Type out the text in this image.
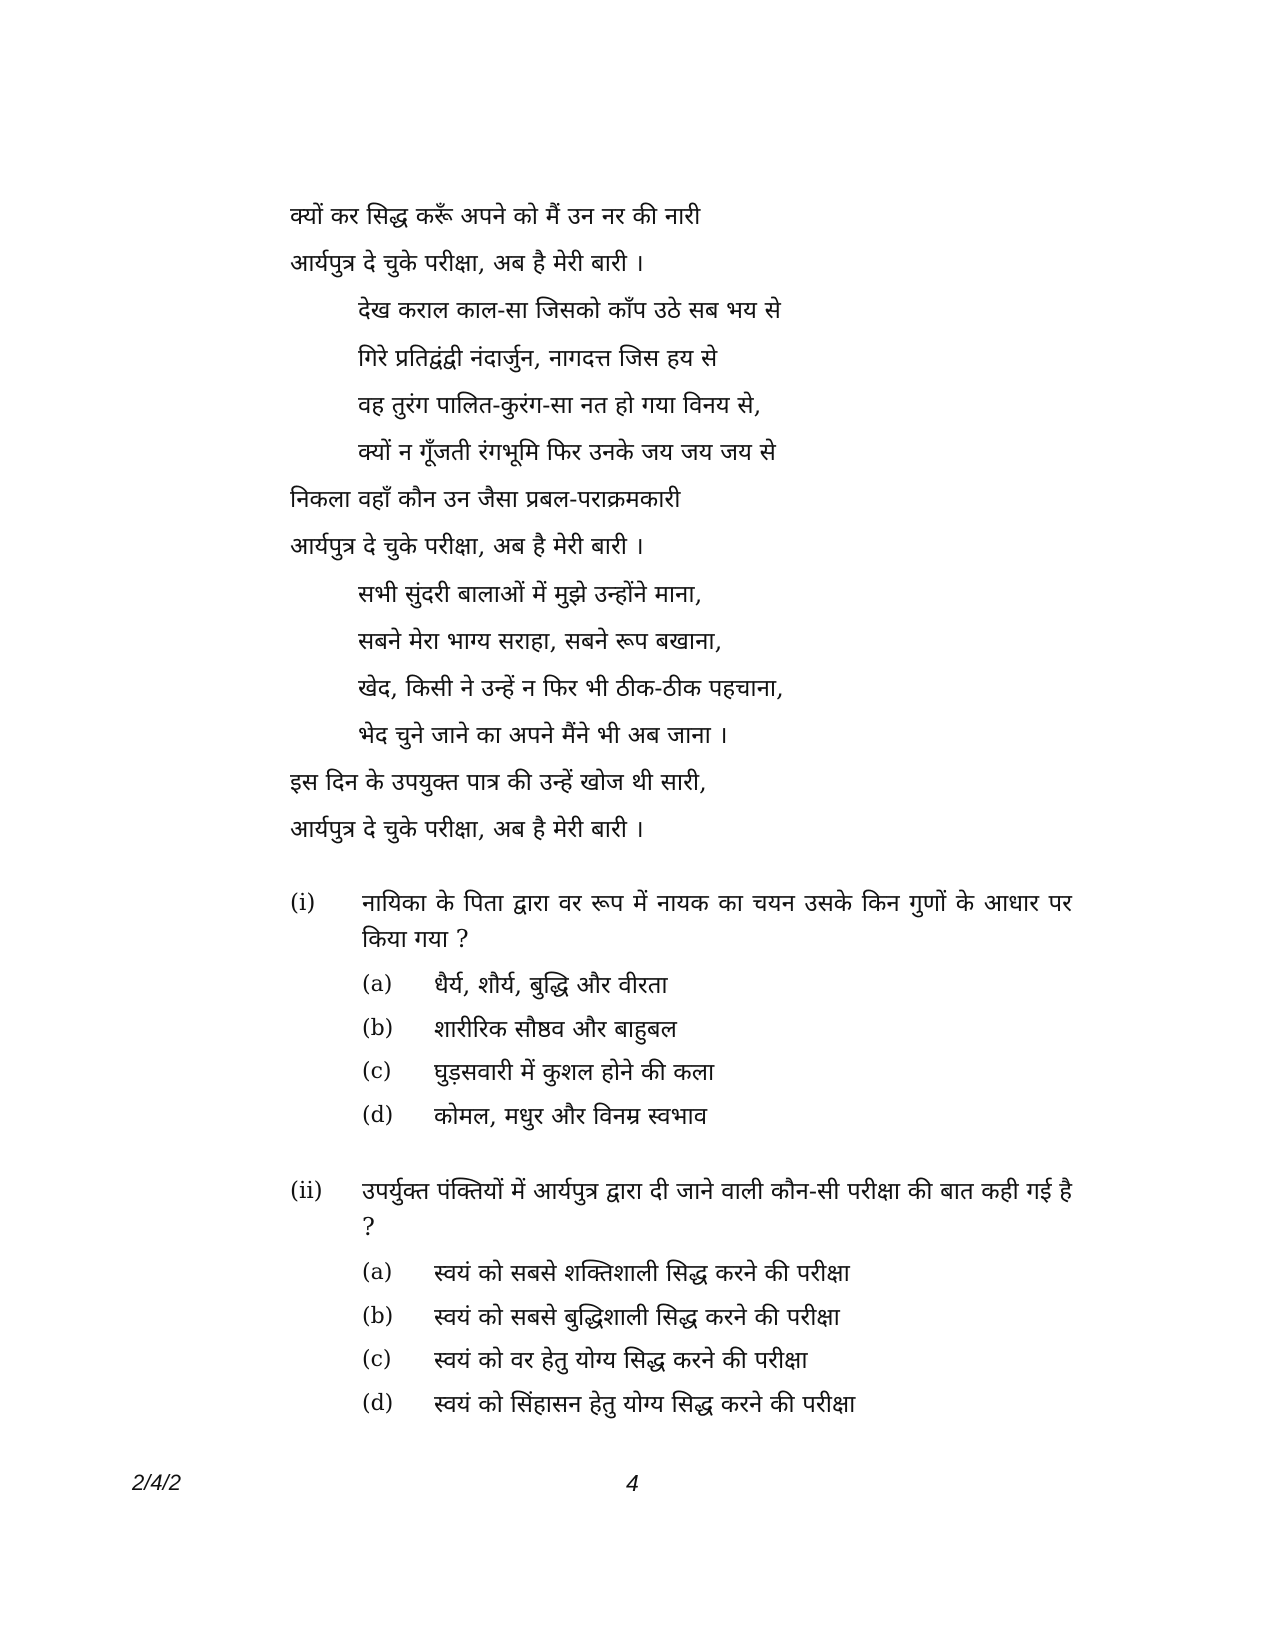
क्यों कर सिद्ध करूँ अपने को मैं उन नर की नारी
आर्यपुत्र दे चुके परीक्षा, अब है मेरी बारी ।
देख कराल काल-सा जिसको काँप उठे सब भय से
गिरे प्रतिद्वंद्वी नंदार्जुन, नागदत्त जिस हय से
वह तुरंग पालित-कुरंग-सा नत हो गया विनय से,
क्यों न गूँजती रंगभूमि फिर उनके जय जय जय से
निकला वहाँ कौन उन जैसा प्रबल-पराक्रमकारी
आर्यपुत्र दे चुके परीक्षा, अब है मेरी बारी ।
सभी सुंदरी बालाओं में मुझे उन्होंने माना,
सबने मेरा भाग्य सराहा, सबने रूप बखाना,
खेद, किसी ने उन्हें न फिर भी ठीक-ठीक पहचाना,
भेद चुने जाने का अपने मैंने भी अब जाना ।
इस दिन के उपयुक्त पात्र की उन्हें खोज थी सारी,
आर्यपुत्र दे चुके परीक्षा, अब है मेरी बारी ।
(i) नायिका के पिता द्वारा वर रूप में नायक का चयन उसके किन गुणों के आधार पर किया गया ?
(a) धैर्य, शौर्य, बुद्धि और वीरता
(b) शारीरिक सौष्ठव और बाहुबल
(c) घुड़सवारी में कुशल होने की कला
(d) कोमल, मधुर और विनम्र स्वभाव
(ii) उपर्युक्त पंक्तियों में आर्यपुत्र द्वारा दी जाने वाली कौन-सी परीक्षा की बात कही गई है ?
(a) स्वयं को सबसे शक्तिशाली सिद्ध करने की परीक्षा
(b) स्वयं को सबसे बुद्धिशाली सिद्ध करने की परीक्षा
(c) स्वयं को वर हेतु योग्य सिद्ध करने की परीक्षा
(d) स्वयं को सिंहासन हेतु योग्य सिद्ध करने की परीक्षा
2/4/2	4
